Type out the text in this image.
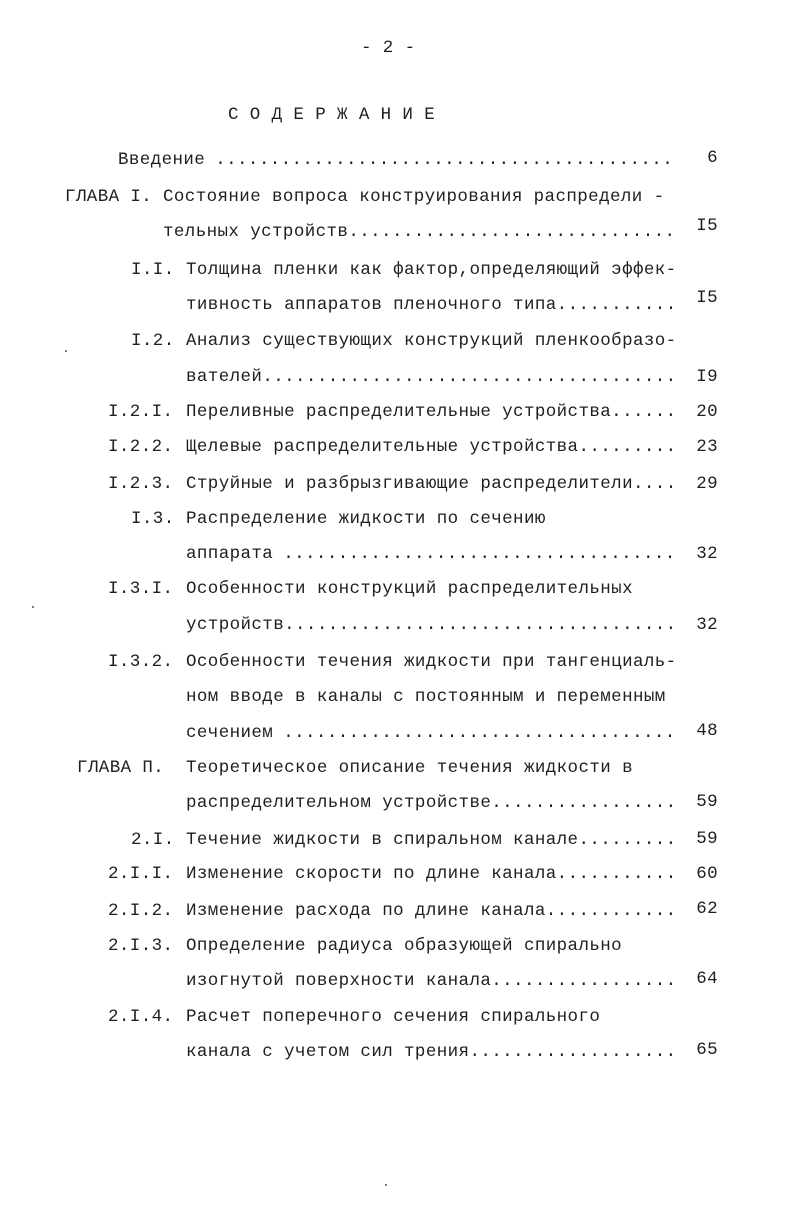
- 2 -
С О Д Е Р Ж А Н И Е
Введение .....	6
ГЛАВА I. Состояние вопроса конструирования распредели -
тельных устройств .....	I5
I.I. Толщина пленки как фактор,определяющий эффек-
тивность аппаратов пленочного типа .....	I5
I.2. Анализ существующих конструкций пленкообразо-
вателей .....	I9
I.2.I. Переливные распределительные устройства .....	20
I.2.2. Щелевые распределительные устройства .....	23
I.2.3. Струйные и разбрызгивающие распределители .....	29
I.3. Распределение жидкости по сечению
аппарата .....	32
I.3.I. Особенности конструкций распределительных
устройств .....	32
I.3.2. Особенности течения жидкости при тангенциаль-
ном вводе в каналы с постоянным и переменным
сечением .....	48
ГЛАВА П. Теоретическое описание течения жидкости в
распределительном устройстве .....	59
2.I. Течение жидкости в спиральном канале .....	59
2.I.I. Изменение скорости по длине канала .....	60
2.I.2. Изменение расхода по длине канала .....	62
2.I.3. Определение радиуса образующей спирально
изогнутой поверхности канала .....	64
2.I.4. Расчет поперечного сечения спирального
канала с учетом сил трения .....	65
